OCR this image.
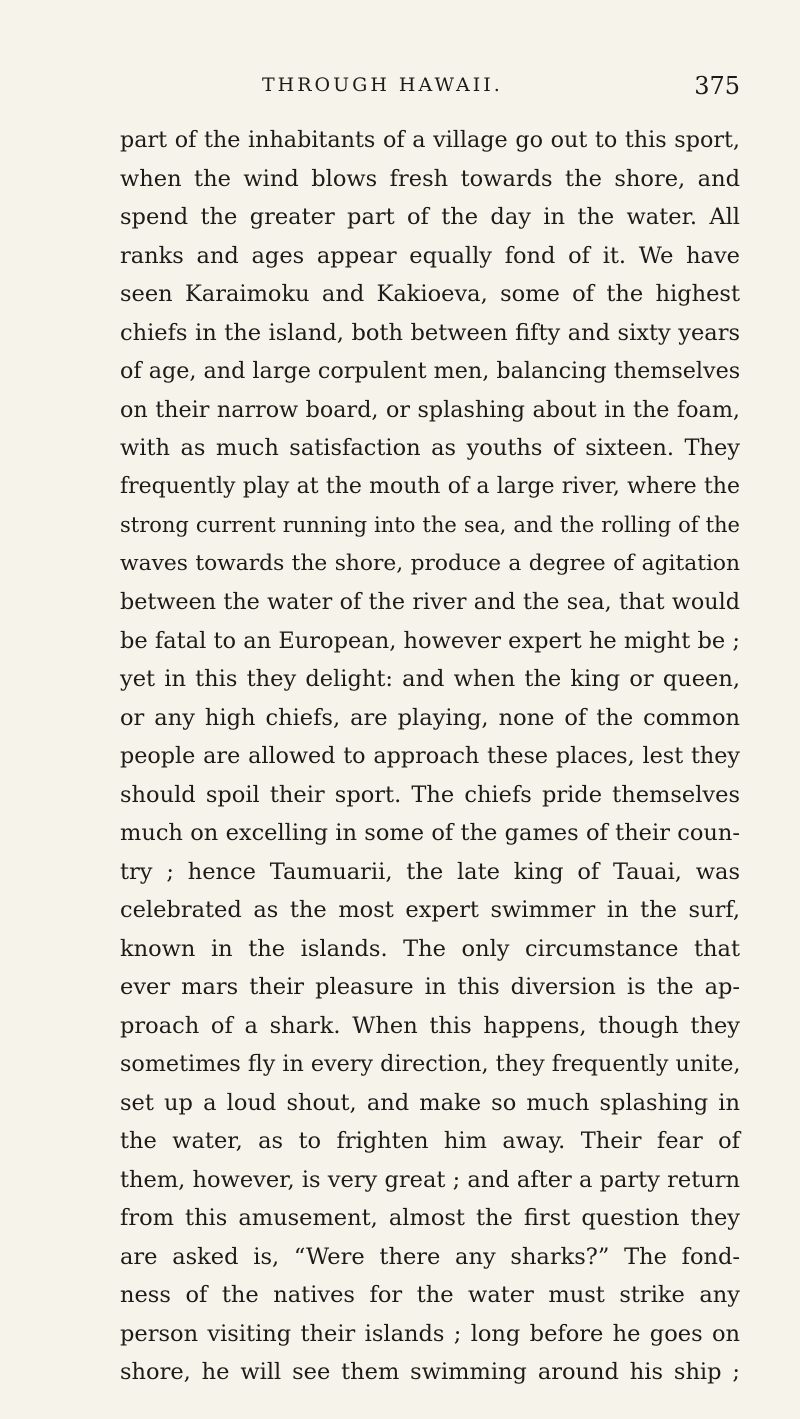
THROUGH HAWAII.	375
part of the inhabitants of a village go out to this sport,
when the wind blows fresh towards the shore, and
spend the greater part of the day in the water. All
ranks and ages appear equally fond of it. We have
seen Karaimoku and Kakioeva, some of the highest
chiefs in the island, both between fifty and sixty years
of age, and large corpulent men, balancing themselves
on their narrow board, or splashing about in the foam,
with as much satisfaction as youths of sixteen. They
frequently play at the mouth of a large river, where the
strong current running into the sea, and the rolling of the
waves towards the shore, produce a degree of agitation
between the water of the river and the sea, that would
be fatal to an European, however expert he might be ;
yet in this they delight: and when the king or queen,
or any high chiefs, are playing, none of the common
people are allowed to approach these places, lest they
should spoil their sport. The chiefs pride themselves
much on excelling in some of the games of their coun-
try ; hence Taumuarii, the late king of Tauai, was
celebrated as the most expert swimmer in the surf,
known in the islands. The only circumstance that
ever mars their pleasure in this diversion is the ap-
proach of a shark. When this happens, though they
sometimes fly in every direction, they frequently unite,
set up a loud shout, and make so much splashing in
the water, as to frighten him away. Their fear of
them, however, is very great ; and after a party return
from this amusement, almost the first question they
are asked is, “Were there any sharks?” The fond-
ness of the natives for the water must strike any
person visiting their islands ; long before he goes on
shore, he will see them swimming around his ship ;
